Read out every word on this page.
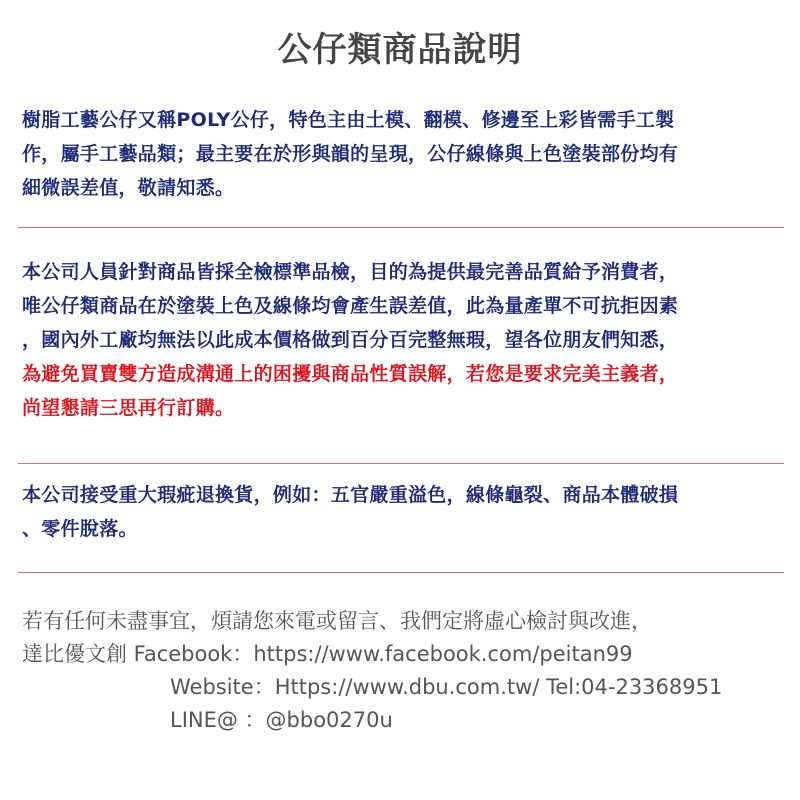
公仔類商品說明

樹脂工藝公仔又稱POLY公仔，特色主由土模、翻模、修邊至上彩皆需手工製
作，屬手工藝品類；最主要在於形與韻的呈現，公仔線條與上色塗裝部份均有
細微誤差值，敬請知悉。

本公司人員針對商品皆採全檢標準品檢，目的為提供最完善品質給予消費者，
唯公仔類商品在於塗裝上色及線條均會產生誤差值，此為量產單不可抗拒因素
，國內外工廠均無法以此成本價格做到百分百完整無瑕，望各位朋友們知悉，

為避免買賣雙方造成溝通上的困擾與商品性質誤解，若您是要求完美主義者，
尚望懇請三思再行訂購。

本公司接受重大瑕疵退換貨，例如：五官嚴重溢色，線條龜裂、商品本體破損
、零件脫落。

若有任何未盡事宜，煩請您來電或留言、我們定將虛心檢討與改進，
達比優文創 Facebook：https://www.facebook.com/peitan99
Website：Https://www.dbu.com.tw/ Tel:04-23368951
LINE@ ：@bbo0270u
